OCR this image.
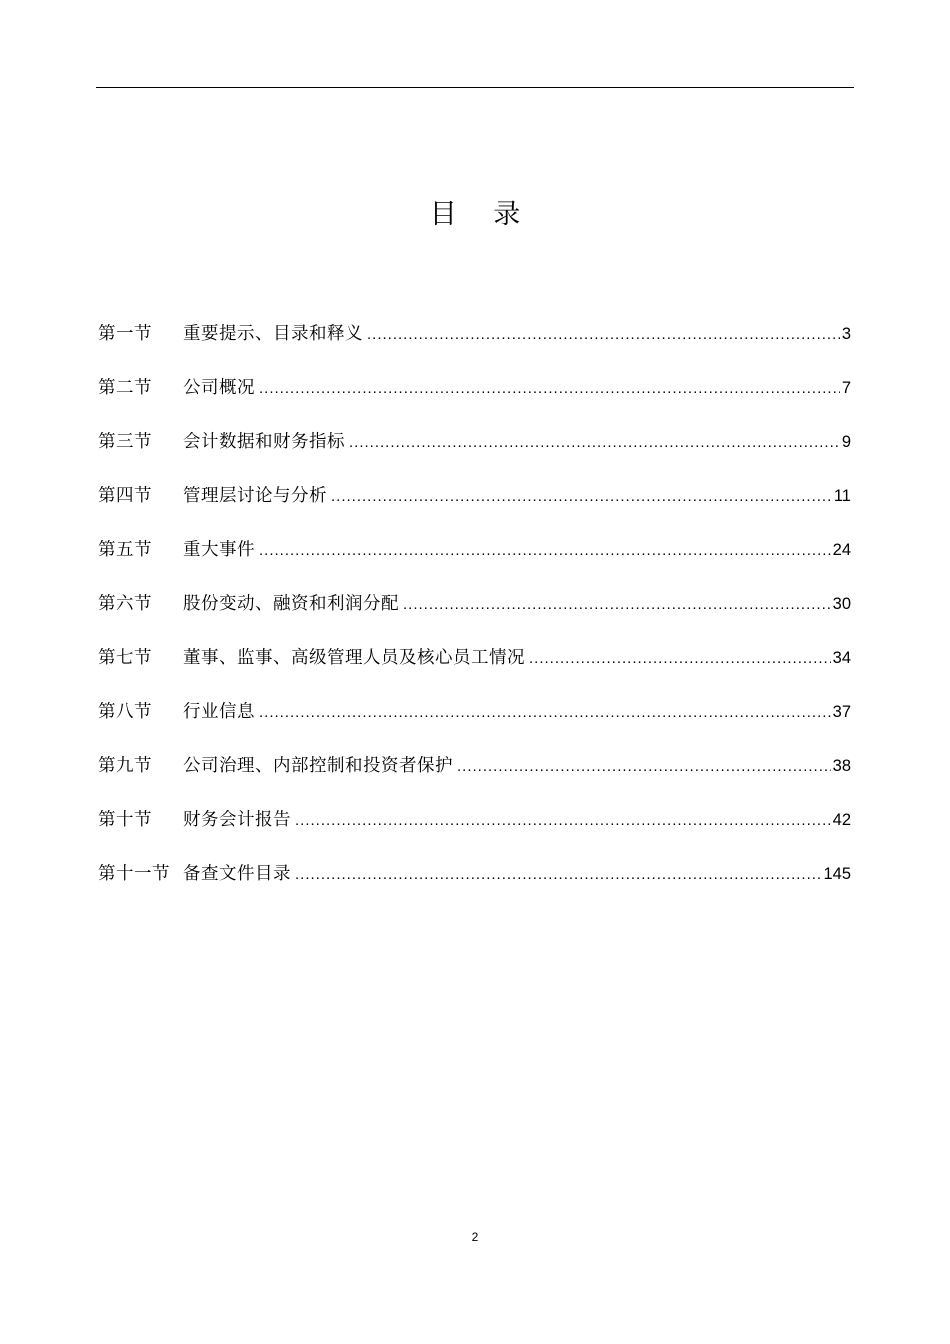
目 录
第一节	重要提示、目录和释义 .....	3
第二节	公司概况 .....	7
第三节	会计数据和财务指标 .....	9
第四节	管理层讨论与分析 .....	11
第五节	重大事件 .....	24
第六节	股份变动、融资和利润分配 .....	30
第七节	董事、监事、高级管理人员及核心员工情况 .....	34
第八节	行业信息 .....	37
第九节	公司治理、内部控制和投资者保护 .....	38
第十节	财务会计报告 .....	42
第十一节 备查文件目录 .....	145
2
